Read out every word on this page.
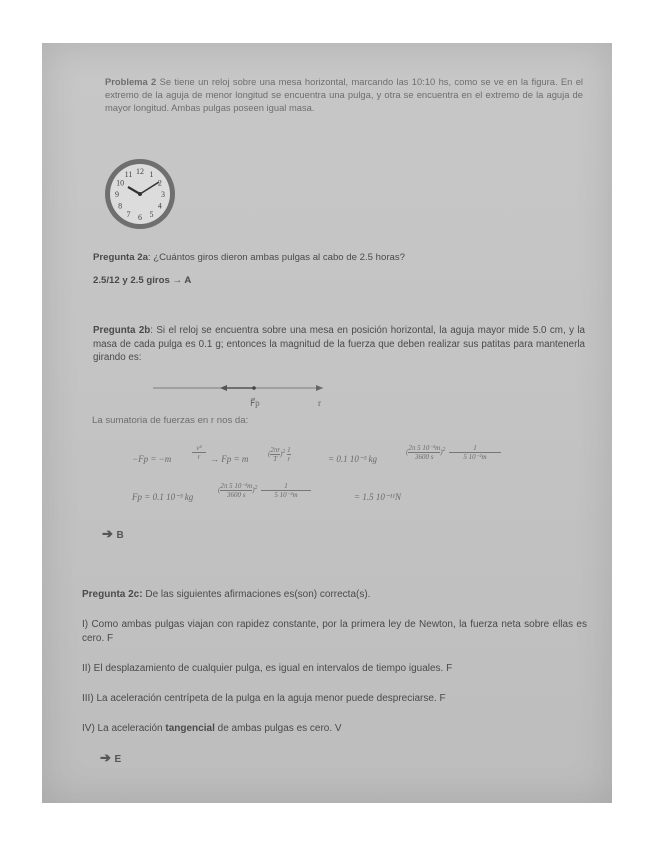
Problema 2 Se tiene un reloj sobre una mesa horizontal, marcando las 10:10 hs, como se ve en la figura. En el extremo de la aguja de menor longitud se encuentra una pulga, y otra se encuentra en el extremo de la aguja de mayor longitud. Ambas pulgas poseen igual masa.
12 1
2
3
4
5
6
7
8
9
10
11
Pregunta 2a: ¿Cuántos giros dieron ambas pulgas al cabo de 2.5 horas?
2.5/12 y 2.5 giros → A
Pregunta 2b: Si el reloj se encuentra sobre una mesa en posición horizontal, la aguja mayor mide 5.0 cm, y la masa de cada pulga es 0.1 g; entonces la magnitud de la fuerza que deben realizar sus patitas para mantenerla girando es:
F⃗p	r
La sumatoria de fuerzas en r nos da:
−Fp = −m
v²

r	→ Fp = m	(2πr

T
)$^2$ 1

r	= 0.1 10⁻³ kg
(2π 5 10⁻²m

3600 s
)$^2$	1

5 10⁻²m
Fp = 0.1 10⁻³ kg
(2π 5 10⁻²m

3600 s
)$^2$	1

5 10⁻²m	= 1.5 10⁻¹¹N
➔ B
Pregunta 2c: De las siguientes afirmaciones es(son) correcta(s).
I) Como ambas pulgas viajan con rapidez constante, por la primera ley de Newton, la fuerza neta sobre ellas es cero. F
II) El desplazamiento de cualquier pulga, es igual en intervalos de tiempo iguales. F
III) La aceleración centrípeta de la pulga en la aguja menor puede despreciarse. F
IV) La aceleración tangencial de ambas pulgas es cero. V
➔ E
